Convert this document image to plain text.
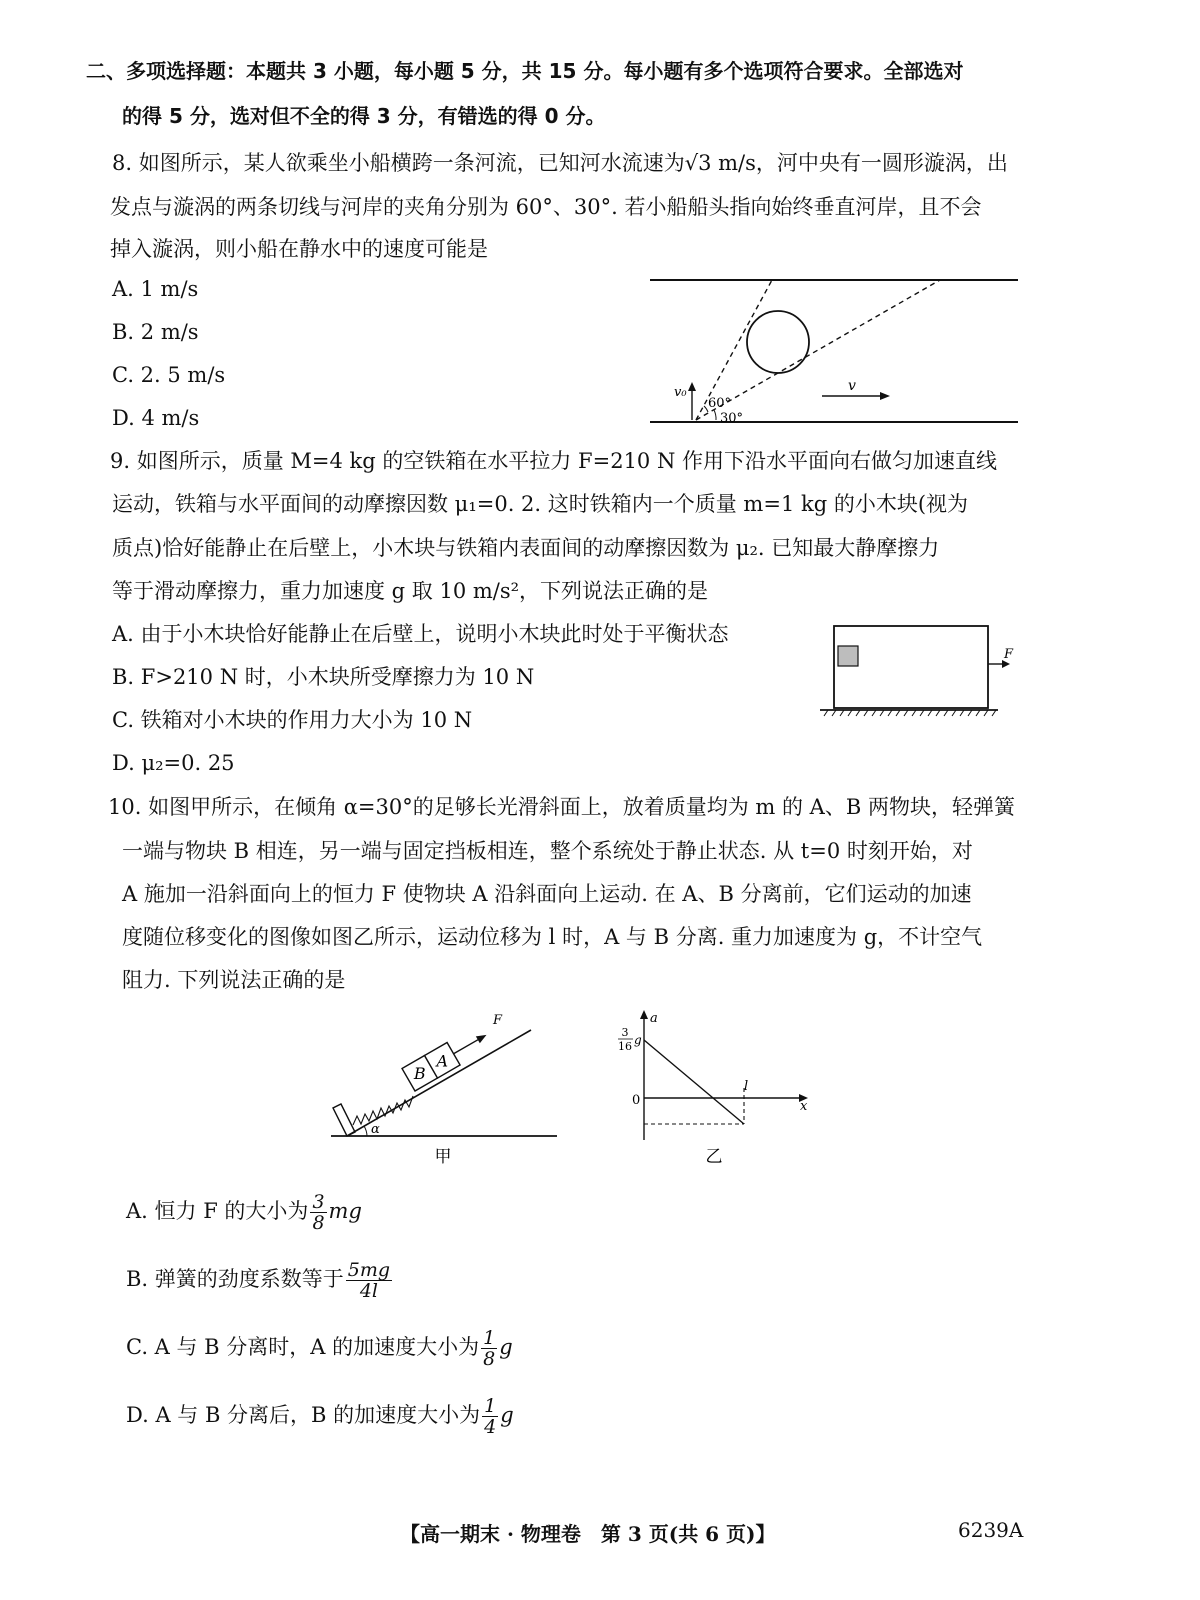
二、多项选择题：本题共 3 小题，每小题 5 分，共 15 分。每小题有多个选项符合要求。全部选对
的得 5 分，选对但不全的得 3 分，有错选的得 0 分。
8. 如图所示，某人欲乘坐小船横跨一条河流，已知河水流速为√3 m/s，河中央有一圆形漩涡，出
发点与漩涡的两条切线与河岸的夹角分别为 60°、30°. 若小船船头指向始终垂直河岸，且不会
掉入漩涡，则小船在静水中的速度可能是
A. 1 m/s
B. 2 m/s
C. 2. 5 m/s
D. 4 m/s
v₀
60°
30°
v
9. 如图所示，质量 M=4 kg 的空铁箱在水平拉力 F=210 N 作用下沿水平面向右做匀加速直线
运动，铁箱与水平面间的动摩擦因数 μ₁=0. 2. 这时铁箱内一个质量 m=1 kg 的小木块(视为
质点)恰好能静止在后壁上，小木块与铁箱内表面间的动摩擦因数为 μ₂. 已知最大静摩擦力
等于滑动摩擦力，重力加速度 g 取 10 m/s²，下列说法正确的是
A. 由于小木块恰好能静止在后壁上，说明小木块此时处于平衡状态
B. F>210 N 时，小木块所受摩擦力为 10 N
C. 铁箱对小木块的作用力大小为 10 N
D. μ₂=0. 25
F
10. 如图甲所示，在倾角 α=30°的足够长光滑斜面上，放着质量均为 m 的 A、B 两物块，轻弹簧
一端与物块 B 相连，另一端与固定挡板相连，整个系统处于静止状态. 从 t=0 时刻开始，对
A 施加一沿斜面向上的恒力 F 使物块 A 沿斜面向上运动. 在 A、B 分离前，它们运动的加速
度随位移变化的图像如图乙所示，运动位移为 l 时，A 与 B 分离. 重力加速度为 g，不计空气
阻力. 下列说法正确的是
B
A
F
α
甲
a
x
0
3
16 g
l
乙
A. 恒力 F 的大小为 $\frac{3}{8}$ mg
B. 弹簧的劲度系数等于 $\frac{5mg}{4l}$
C. A 与 B 分离时，A 的加速度大小为 $\frac{1}{8}$ g
D. A 与 B 分离后，B 的加速度大小为 $\frac{1}{4}$ g
【高一期末 · 物理卷　第 3 页(共 6 页)】	6239A
